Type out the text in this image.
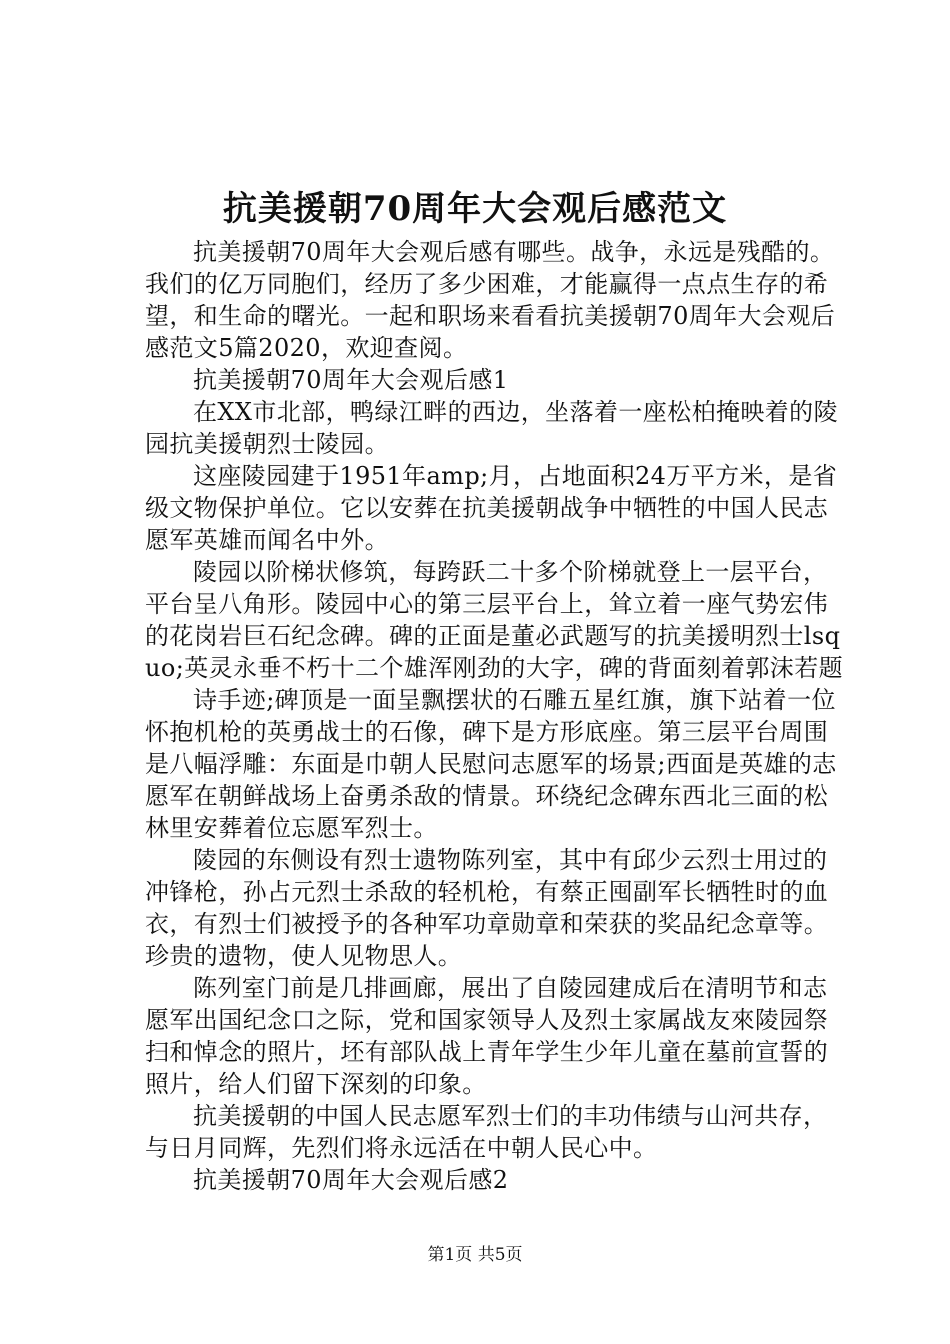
抗美援朝70周年大会观后感范文

抗美援朝70周年大会观后感有哪些。战争，永远是残酷的。我们的亿万同胞们，经历了多少困难，才能赢得一点点生存的希望，和生命的曙光。一起和职场来看看抗美援朝70周年大会观后感范文5篇2020，欢迎查阅。

抗美援朝70周年大会观后感1

在XX市北部，鸭绿江畔的西边，坐落着一座松柏掩映着的陵园抗美援朝烈士陵园。

这座陵园建于1951年amp;月，占地面积24万平方米，是省级文物保护单位。它以安葬在抗美援朝战争中牺牲的中国人民志愿军英雄而闻名中外。

陵园以阶梯状修筑，每跨跃二十多个阶梯就登上一层平台，平台呈八角形。陵园中心的第三层平台上，耸立着一座气势宏伟的花岗岩巨石纪念碑。碑的正面是董必武题写的抗美援明烈士lsquo;英灵永垂不朽十二个雄浑刚劲的大字，碑的背面刻着郭沫若题

诗手迹;碑顶是一面呈飘摆状的石雕五星红旗，旗下站着一位怀抱机枪的英勇战士的石像，碑下是方形底座。第三层平台周围是八幅浮雕：东面是巾朝人民慰问志愿军的场景;西面是英雄的志愿军在朝鲜战场上奋勇杀敌的情景。环绕纪念碑东西北三面的松林里安葬着位忘愿军烈士。

陵园的东侧设有烈士遗物陈列室，其中有邱少云烈士用过的冲锋枪，孙占元烈士杀敌的轻机枪，有蔡正囤副军长牺牲时的血衣，有烈士们被授予的各种军功章勋章和荣获的奖品纪念章等。珍贵的遗物，使人见物思人。

陈列室门前是几排画廊，展出了自陵园建成后在清明节和志愿军出国纪念口之际，党和国家领导人及烈土家属战友來陵园祭扫和悼念的照片，坯有部队战上青年学生少年儿童在墓前宣誓的照片，给人们留下深刻的印象。

抗美援朝的中国人民志愿军烈士们的丰功伟绩与山河共存，与日月同辉，先烈们将永远活在中朝人民心中。

抗美援朝70周年大会观后感2

第1页 共5页
